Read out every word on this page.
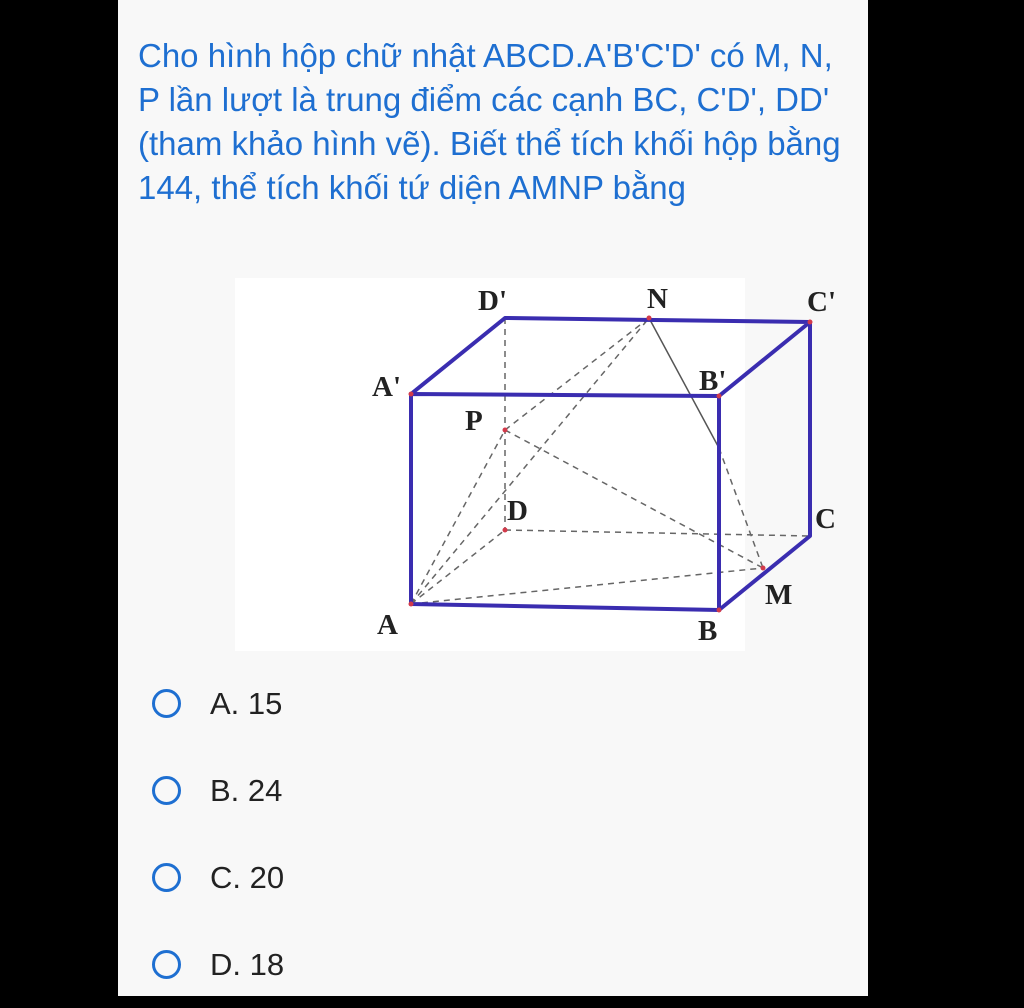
Cho hình hộp chữ nhật ABCD.A'B'C'D' có M, N, P lần lượt là trung điểm các cạnh BC, C'D', DD' (tham khảo hình vẽ). Biết thể tích khối hộp bằng 144, thể tích khối tứ diện AMNP bằng

D'	N	C'
A'	B'
P
D	C
M
A	B
A. 15
B. 24
C. 20
D. 18
